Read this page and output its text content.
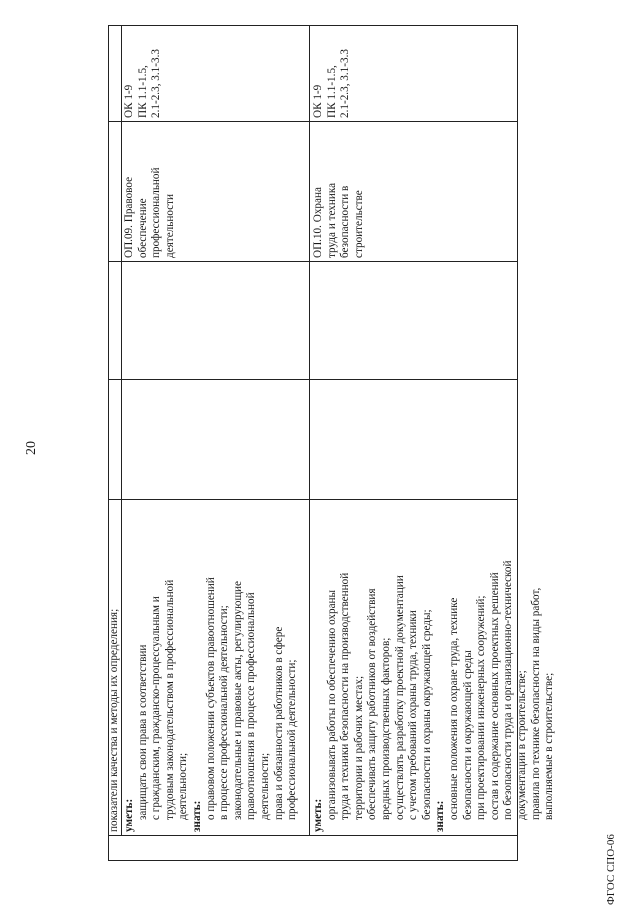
20
ФГОС СПО-06
показатели качества и методы их определения; уметь: защищать свои права в соответствии с гражданским, гражданско-процессуальным и трудовым законодательством в профессиональной деятельности; знать: о правовом положении субъектов правоотношений в процессе профессиональной деятельности; законодательные и правовые акты, регулирующие правоотношения в процессе профессиональной деятельности; права и обязанности работников в сфере профессиональной деятельности;
ОП.09. Правовое обеспечение профессиональной деятельности
ОК 1-9 ПК 1.1-1.5, 2.1-2.3, 3.1-3.3
уметь: организовывать работы по обеспечению охраны труда и техники безопасности на производственной территории и рабочих местах; обеспечивать защиту работников от воздействия вредных производственных факторов; осуществлять разработку проектной документации с учетом требований охраны труда, техники безопасности и охраны окружающей среды; знать: основные положения по охране труда, технике безопасности и окружающей среды при проектировании инженерных сооружений; состав и содержание основных проектных решений по безопасности труда и организационно-технической документации в строительстве; правила по технике безопасности на виды работ, выполняемые в строительстве;
ОП.10. Охрана труда и техника безопасности в строительстве
ОК 1-9 ПК 1.1-1.5, 2.1-2.3, 3.1-3.3
